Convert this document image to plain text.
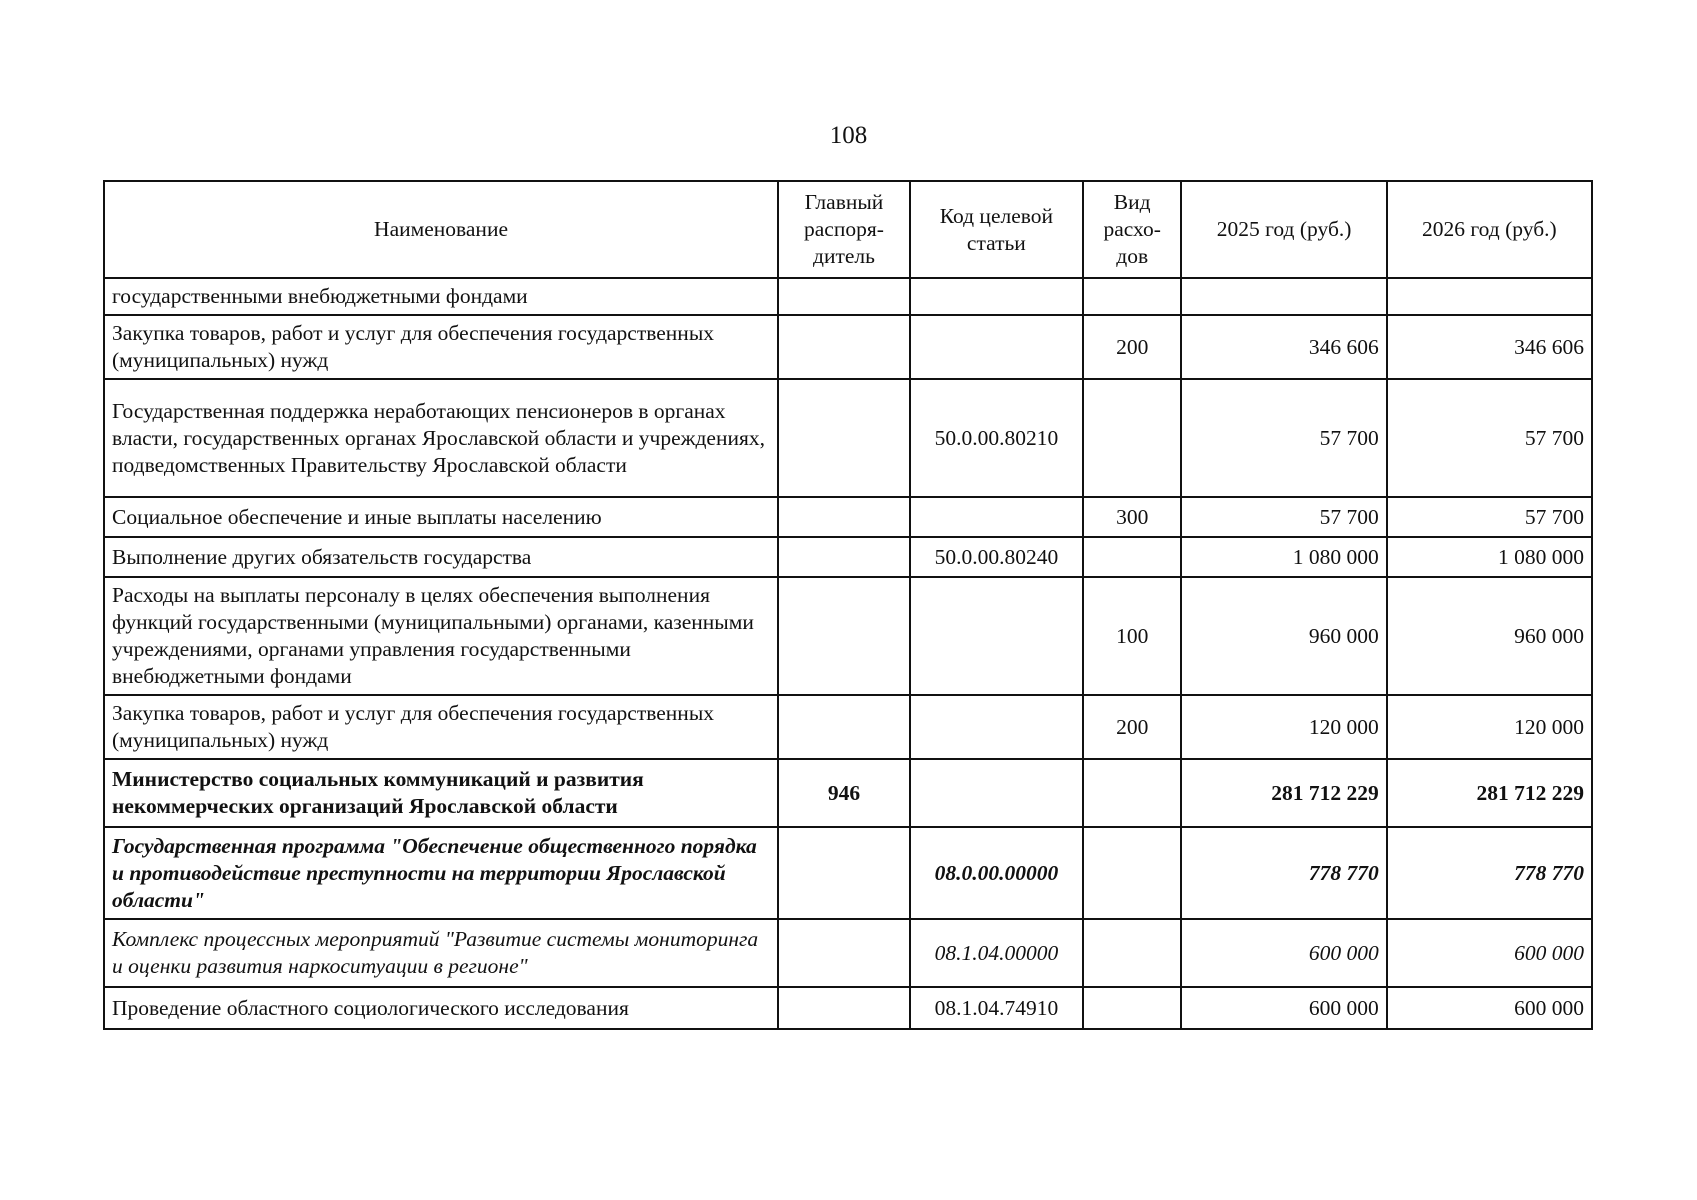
108
Наименование	Главный распоря-дитель	Код целевой статьи	Вид расхо-дов	2025 год (руб.)	2026 год (руб.)
государственными внебюджетными фондами					
Закупка товаров, работ и услуг для обеспечения государственных (муниципальных) нужд			200	346 606	346 606
Государственная поддержка неработающих пенсионеров в органах власти, государственных органах Ярославской области и учреждениях, подведомственных Правительству Ярославской области		50.0.00.80210		57 700	57 700
Социальное обеспечение и иные выплаты населению			300	57 700	57 700
Выполнение других обязательств государства		50.0.00.80240		1 080 000	1 080 000
Расходы на выплаты персоналу в целях обеспечения выполнения функций государственными (муниципальными) органами, казенными учреждениями, органами управления государственными внебюджетными фондами			100	960 000	960 000
Закупка товаров, работ и услуг для обеспечения государственных (муниципальных) нужд			200	120 000	120 000
Министерство социальных коммуникаций и развития некоммерческих организаций Ярославской области	946			281 712 229	281 712 229
Государственная программа "Обеспечение общественного порядка и противодействие преступности на территории Ярославской области"		08.0.00.00000		778 770	778 770
Комплекс процессных мероприятий "Развитие системы мониторинга и оценки развития наркоситуации в регионе"		08.1.04.00000		600 000	600 000
Проведение областного социологического исследования		08.1.04.74910		600 000	600 000
